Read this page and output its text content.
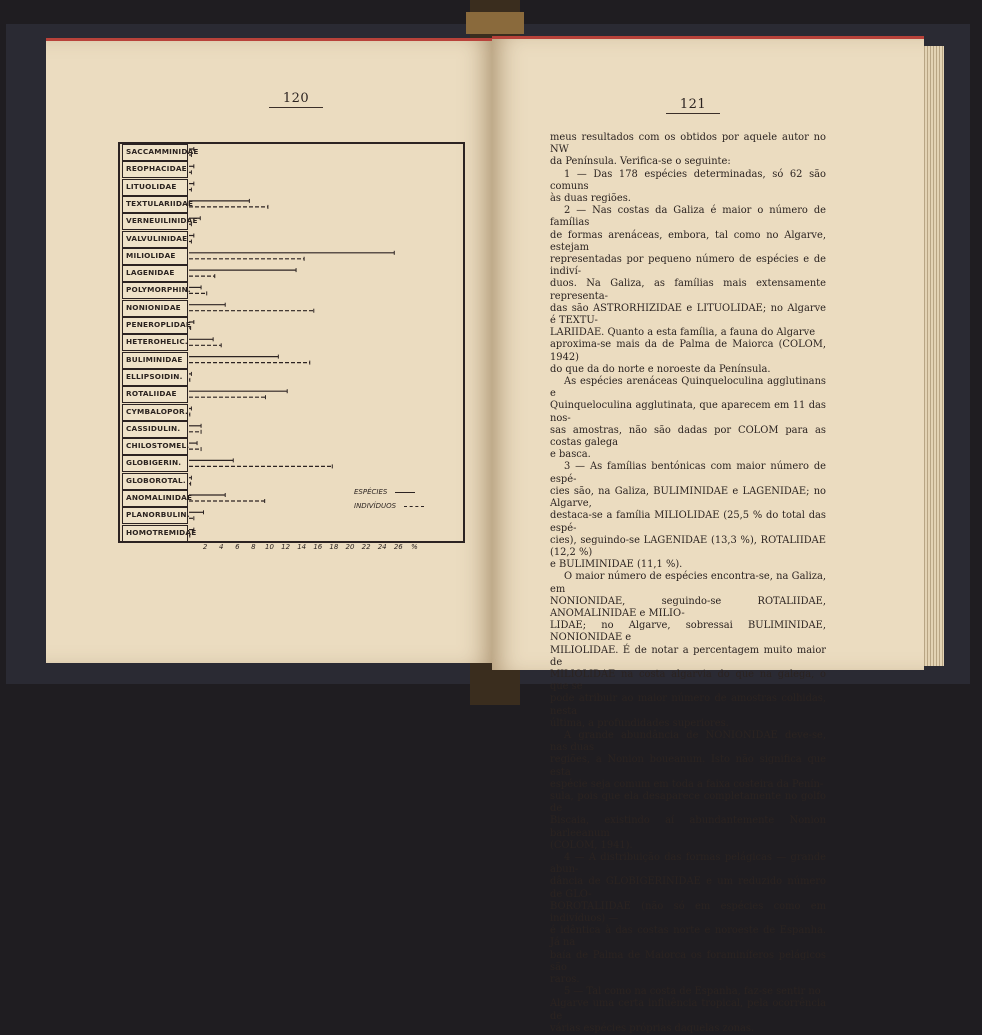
120	121
SACCAMMINIDAE
REOPHACIDAE
LITUOLIDAE
TEXTULARIIDAE
VERNEUILINIDAE
VALVULINIDAE
MILIOLIDAE
LAGENIDAE
POLYMORPHIN.
NONIONIDAE
PENEROPLIDAE
HETEROHELIC.
BULIMINIDAE
ELLIPSOIDIN.
ROTALIIDAE
CYMBALOPOR.
CASSIDULIN.
CHILOSTOMEL.
GLOBIGERIN.
GLOBOROTAL.
ANOMALINIDAE
PLANORBULIN.
HOMOTREMIDAE
2	4	6	8	10	12	14	16	18	20	22	24	26	%
ESPÉCIES
INDIVÍDUOS

meus resultados com os obtidos por aquele autor no NW
da Península. Verifica-se o seguinte:

1 — Das 178 espécies determinadas, só 62 são comuns
às duas regiões.

2 — Nas costas da Galiza é maior o número de famílias
de formas arenáceas, embora, tal como no Algarve, estejam
representadas por pequeno número de espécies e de indiví-
duos. Na Galiza, as famílias mais extensamente representa-
das são ASTRORHIZIDAE e LITUOLIDAE; no Algarve é TEXTU-
LARIIDAE. Quanto a esta família, a fauna do Algarve
aproxima-se mais da de Palma de Maiorca (COLOM, 1942)
do que da do norte e noroeste da Península.

As espécies arenáceas Quinqueloculina agglutinans e
Quinqueloculina agglutinata, que aparecem em 11 das nos-
sas amostras, não são dadas por COLOM para as costas galega
e basca.

3 — As famílias bentónicas com maior número de espé-
cies são, na Galiza, BULIMINIDAE e LAGENIDAE; no Algarve,
destaca-se a família MILIOLIDAE (25,5 % do total das espé-
cies), seguindo-se LAGENIDAE (13,3 %), ROTALIIDAE (12,2 %)
e BULIMINIDAE (11,1 %).

O maior número de espécies encontra-se, na Galiza, em
NONIONIDAE, seguindo-se ROTALIIDAE, ANOMALINIDAE e MILIO-
LIDAE; no Algarve, sobressai BULIMINIDAE, NONIONIDAE e
MILIOLIDAE. É de notar a percentagem muito maior de
MILIOLIDAE na costa algarvia do que na galega, o que se
pode atribuir ao maior número de amostras colhidas, nesta
última, a profundidades superiores.

A grande abundância de NONIONIDAE deve-se, nas duas
regiões, a Nonion boueanum. Isto não significa que esta
espécie seja comum em toda a faixa costeira da Penín-
sula, pois que ela desaparece completamente no golfo de
Biscaia, existindo aí abundantemente Nonion barleeanum
(COLOM, 1941).

4 — A distribuição das formas pelágicas — grande abun-
dância de GLOBIGERINIDAE e um reduzido número de GLO-
BOROTALIIDAE (não só em espécies como em indivíduos) —
é idêntica à das costas norte e noroeste de Espanha. Já na
baía de Palma de Maiorca os foraminíferos pelágicos são
raros.

5 — Tal como na costa de Espanha, faz-se sentir no
Algarve uma certa influência tropical, pela ocorrência de
várias espécies próprias daquelas zonas.
